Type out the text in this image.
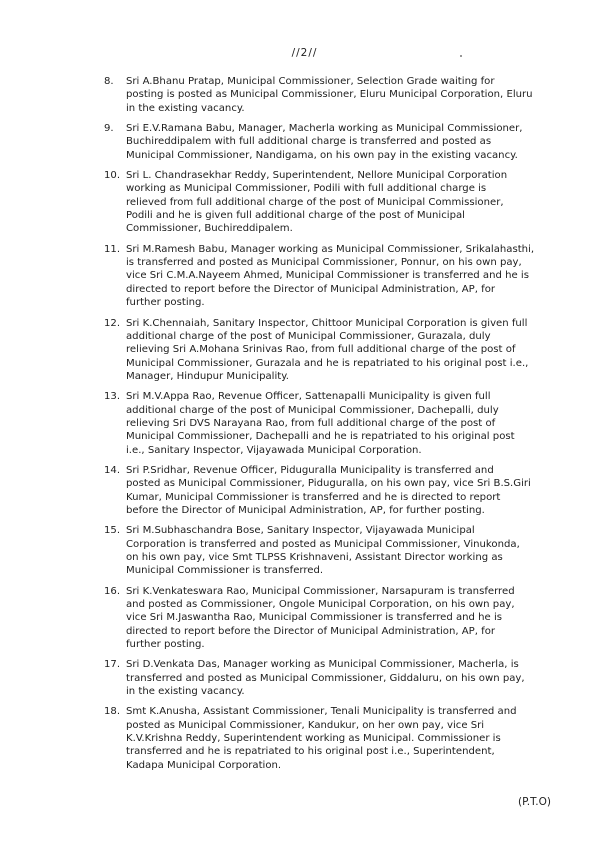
//2//
8.	Sri A.Bhanu Pratap, Municipal Commissioner, Selection Grade waiting for
posting is posted as Municipal Commissioner, Eluru Municipal Corporation, Eluru
in the existing vacancy.
9.	Sri E.V.Ramana Babu, Manager, Macherla working as Municipal Commissioner,
Buchireddipalem with full additional charge is transferred and posted as
Municipal Commissioner, Nandigama, on his own pay in the existing vacancy.
10. Sri L. Chandrasekhar Reddy, Superintendent, Nellore Municipal Corporation
working as Municipal Commissioner, Podili with full additional charge is
relieved from full additional charge of the post of Municipal Commissioner,
Podili and he is given full additional charge of the post of Municipal
Commissioner, Buchireddipalem.
11. Sri M.Ramesh Babu, Manager working as Municipal Commissioner, Srikalahasthi,
is transferred and posted as Municipal Commissioner, Ponnur, on his own pay,
vice Sri C.M.A.Nayeem Ahmed, Municipal Commissioner is transferred and he is
directed to report before the Director of Municipal Administration, AP, for
further posting.
12. Sri K.Chennaiah, Sanitary Inspector, Chittoor Municipal Corporation is given full
additional charge of the post of Municipal Commissioner, Gurazala, duly
relieving Sri A.Mohana Srinivas Rao, from full additional charge of the post of
Municipal Commissioner, Gurazala and he is repatriated to his original post i.e.,
Manager, Hindupur Municipality.
13. Sri M.V.Appa Rao, Revenue Officer, Sattenapalli Municipality is given full
additional charge of the post of Municipal Commissioner, Dachepalli, duly
relieving Sri DVS Narayana Rao, from full additional charge of the post of
Municipal Commissioner, Dachepalli and he is repatriated to his original post
i.e., Sanitary Inspector, Vijayawada Municipal Corporation.
14. Sri P.Sridhar, Revenue Officer, Piduguralla Municipality is transferred and
posted as Municipal Commissioner, Piduguralla, on his own pay, vice Sri B.S.Giri
Kumar, Municipal Commissioner is transferred and he is directed to report
before the Director of Municipal Administration, AP, for further posting.
15. Sri M.Subhaschandra Bose, Sanitary Inspector, Vijayawada Municipal
Corporation is transferred and posted as Municipal Commissioner, Vinukonda,
on his own pay, vice Smt TLPSS Krishnaveni, Assistant Director working as
Municipal Commissioner is transferred.
16. Sri K.Venkateswara Rao, Municipal Commissioner, Narsapuram is transferred
and posted as Commissioner, Ongole Municipal Corporation, on his own pay,
vice Sri M.Jaswantha Rao, Municipal Commissioner is transferred and he is
directed to report before the Director of Municipal Administration, AP, for
further posting.
17. Sri D.Venkata Das, Manager working as Municipal Commissioner, Macherla, is
transferred and posted as Municipal Commissioner, Giddaluru, on his own pay,
in the existing vacancy.
18. Smt K.Anusha, Assistant Commissioner, Tenali Municipality is transferred and
posted as Municipal Commissioner, Kandukur, on her own pay, vice Sri
K.V.Krishna Reddy, Superintendent working as Municipal. Commissioner is
transferred and he is repatriated to his original post i.e., Superintendent,
Kadapa Municipal Corporation.
(P.T.O)
